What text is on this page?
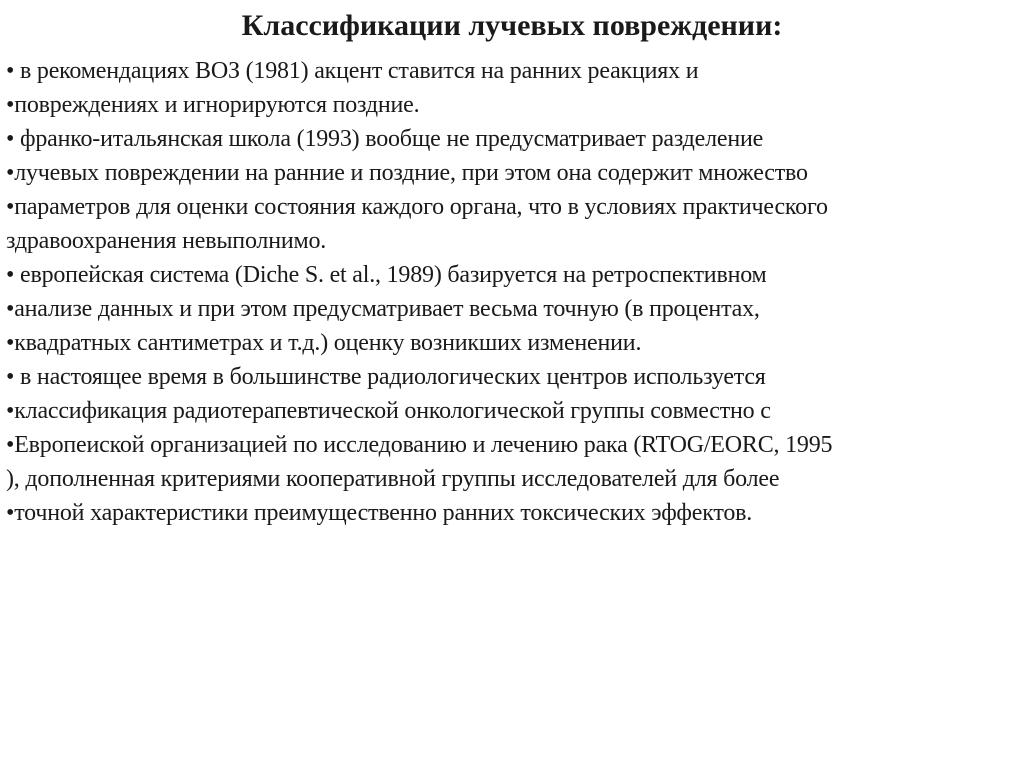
Классификации лучевых повреждении:
• в рекомендациях ВОЗ (1981) акцент ставится на ранних реакциях и
•повреждениях и игнорируются поздние.
• франко-итальянская школа (1993) вообще не предусматривает разделение
•лучевых повреждении на ранние и поздние, при этом она содержит множество
•параметров для оценки состояния каждого органа, что в условиях практического
здравоохранения невыполнимо.
• европейская система (Diche S. et al., 1989) базируется на ретроспективном
•анализе данных и при этом предусматривает весьма точную (в процентах,
•квадратных сантиметрах и т.д.) оценку возникших изменении.
• в настоящее время в большинстве радиологических центров используется
•классификация радиотерапевтической онкологической группы совместно с
•Европеиской организацией по исследованию и лечению рака (RTOG/EORC, 1995
), дополненная критериями кооперативной группы исследователей для более
•точной характеристики преимущественно ранних токсических эффектов.
